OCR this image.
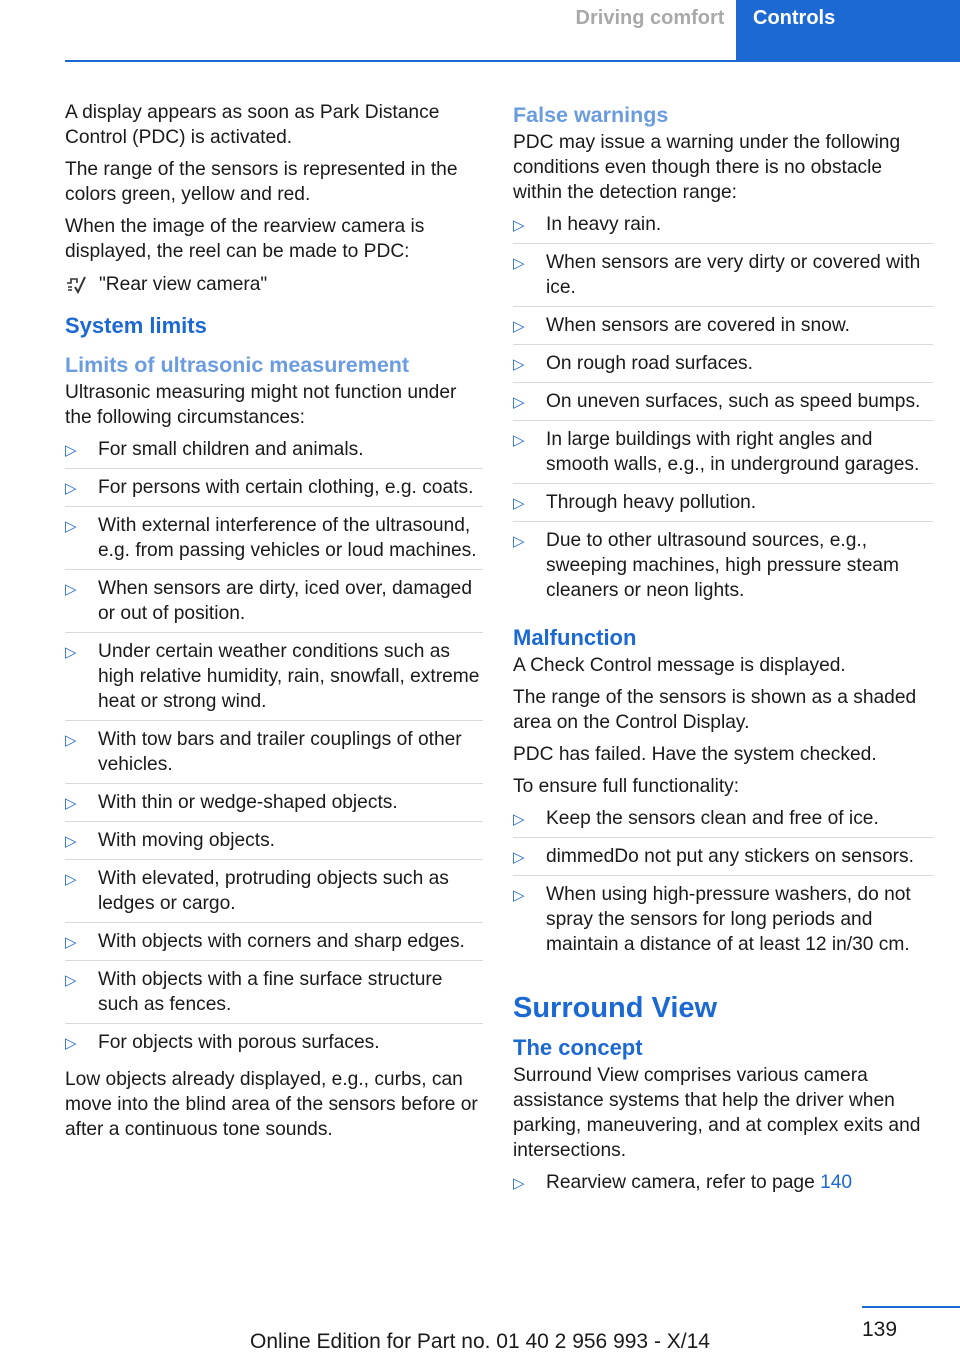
Driving comfort Controls

A display appears as soon as Park Distance Control (PDC) is activated.

The range of the sensors is represented in the colors green, yellow and red.

When the image of the rearview camera is displayed, the reel can be made to PDC:

"Rear view camera"
System limits
Limits of ultrasonic measurement

Ultrasonic measuring might not function under the following circumstances:

▷ For small children and animals.
▷ For persons with certain clothing, e.g. coats.
▷ With external interference of the ultrasound, e.g. from passing vehicles or loud machines.
▷ When sensors are dirty, iced over, damaged or out of position.
▷ Under certain weather conditions such as high relative humidity, rain, snowfall, extreme heat or strong wind.
▷ With tow bars and trailer couplings of other vehicles.
▷ With thin or wedge-shaped objects.
▷ With moving objects.
▷ With elevated, protruding objects such as ledges or cargo.
▷ With objects with corners and sharp edges.
▷ With objects with a fine surface structure such as fences.
▷ For objects with porous surfaces.

Low objects already displayed, e.g., curbs, can move into the blind area of the sensors before or after a continuous tone sounds.

False warnings

PDC may issue a warning under the following conditions even though there is no obstacle within the detection range:

▷ In heavy rain.
▷ When sensors are very dirty or covered with ice.
▷ When sensors are covered in snow.
▷ On rough road surfaces.
▷ On uneven surfaces, such as speed bumps.
▷ In large buildings with right angles and smooth walls, e.g., in underground garages.
▷ Through heavy pollution.
▷ Due to other ultrasound sources, e.g., sweeping machines, high pressure steam cleaners or neon lights.
Malfunction

A Check Control message is displayed.

The range of the sensors is shown as a shaded area on the Control Display.

PDC has failed. Have the system checked.

To ensure full functionality:

▷ Keep the sensors clean and free of ice.
▷ dimmedDo not put any stickers on sensors.
▷ When using high-pressure washers, do not spray the sensors for long periods and maintain a distance of at least 12 in/30 cm.
Surround View
The concept

Surround View comprises various camera assistance systems that help the driver when parking, maneuvering, and at complex exits and intersections.

▷ Rearview camera, refer to page 140
139
Online Edition for Part no. 01 40 2 956 993 - X/14
